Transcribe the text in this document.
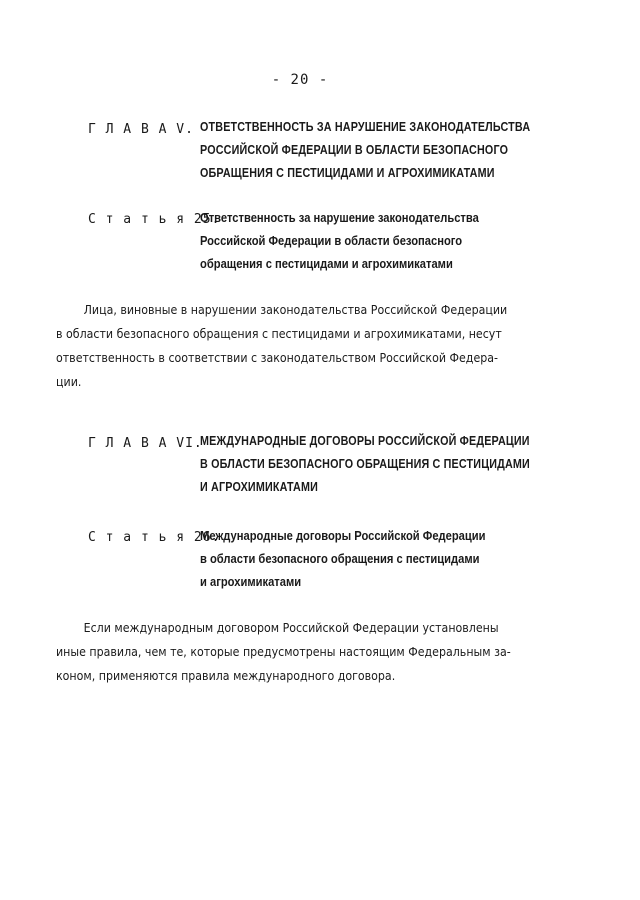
- 20 -
Г Л А В А V. ОТВЕТСТВЕННОСТЬ ЗА НАРУШЕНИЕ ЗАКОНОДАТЕЛЬСТВА
РОССИЙСКОЙ ФЕДЕРАЦИИ В ОБЛАСТИ БЕЗОПАСНОГО
ОБРАЩЕНИЯ С ПЕСТИЦИДАМИ И АГРОХИМИКАТАМИ
С т а т ь я 25.
Ответственность за нарушение законодательства
Российской Федерации в области безопасного
обращения с пестицидами и агрохимикатами
Лица, виновные в нарушении законодательства Российской Федерации
в области безопасного обращения с пестицидами и агрохимикатами, несут
ответственность в соответствии с законодательством Российской Федера-
ции.
Г Л А В А VI.
МЕЖДУНАРОДНЫЕ ДОГОВОРЫ РОССИЙСКОЙ ФЕДЕРАЦИИ
В ОБЛАСТИ БЕЗОПАСНОГО ОБРАЩЕНИЯ С ПЕСТИЦИДАМИ
И АГРОХИМИКАТАМИ
С т а т ь я 26.
Международные договоры Российской Федерации
в области безопасного обращения с пестицидами
и агрохимикатами
Если международным договором Российской Федерации установлены
иные правила, чем те, которые предусмотрены настоящим Федеральным за-
коном, применяются правила международного договора.
